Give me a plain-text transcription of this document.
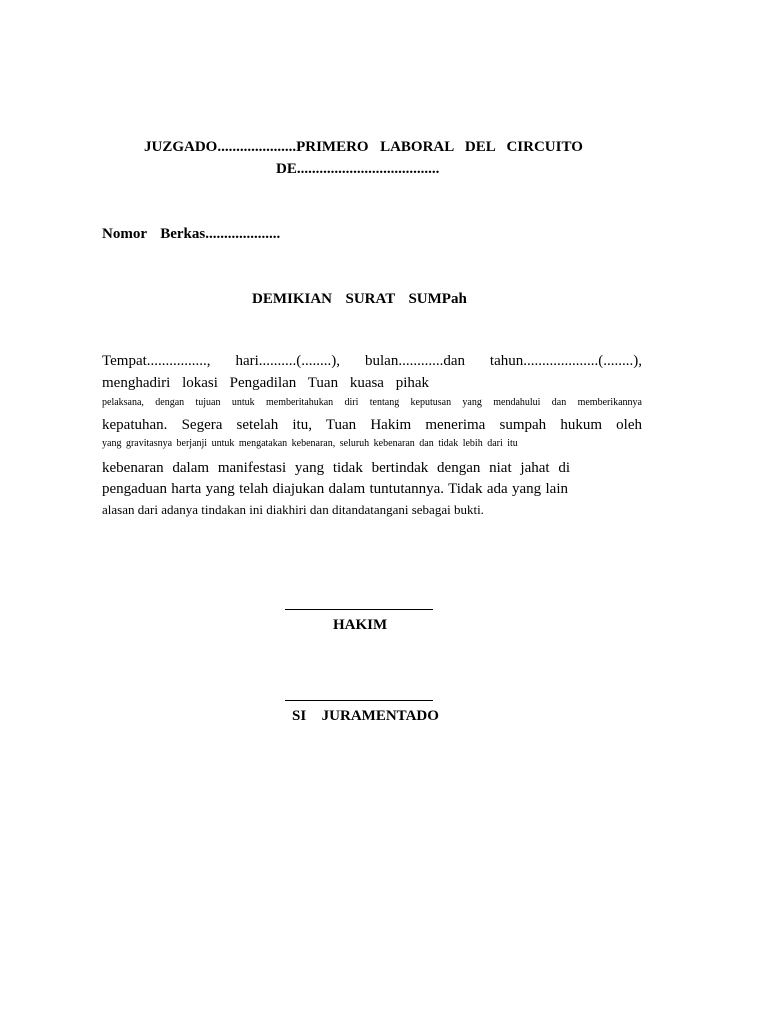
JUZGADO.....................PRIMERO  LABORAL  DEL  CIRCUITO
DE......................................
Nomor  Berkas....................
DEMIKIAN  SURAT  SUMPah
Tempat................, hari..........(........), bulan............dan tahun....................(........),
menghadiri lokasi Pengadilan Tuan kuasa pihak
pelaksana, dengan tujuan untuk memberitahukan diri tentang keputusan yang mendahului dan memberikannya
kepatuhan. Segera setelah itu, Tuan Hakim menerima sumpah hukum oleh
yang gravitasnya berjanji untuk mengatakan kebenaran, seluruh kebenaran dan tidak lebih dari itu
kebenaran dalam manifestasi yang tidak bertindak dengan niat jahat di
pengaduan harta yang telah diajukan dalam tuntutannya. Tidak ada yang lain
alasan dari adanya tindakan ini diakhiri dan ditandatangani sebagai bukti.
HAKIM
SI  JURAMENTADO
